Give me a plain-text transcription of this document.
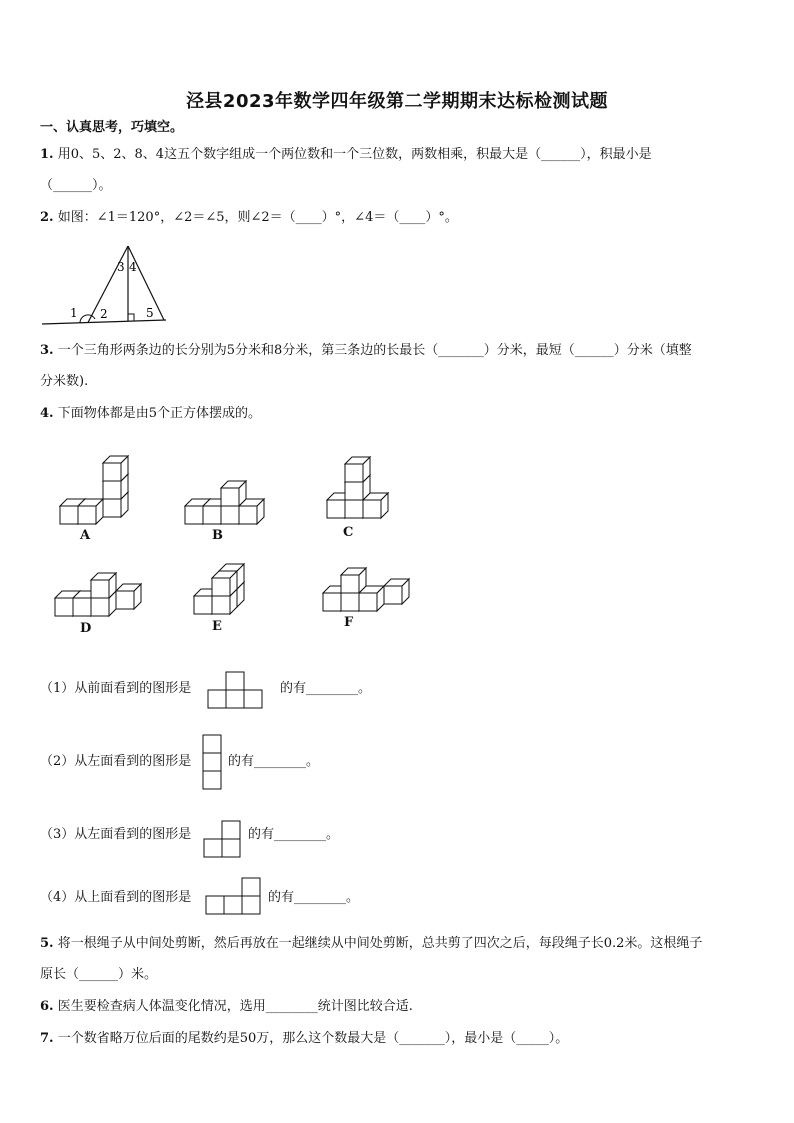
泾县2023年数学四年级第二学期期末达标检测试题
一、认真思考，巧填空。
1. 用0、5、2、8、4这五个数字组成一个两位数和一个三位数，两数相乘，积最大是（______），积最小是
（______）。
2. 如图：∠1＝120°，∠2＝∠5，则∠2＝（____）°，∠4＝（____）°。
1 2
3 4
5
3. 一个三角形两条边的长分别为5分米和8分米，第三条边的长最长（_______）分米，最短（______）分米（填整
分米数).
4. 下面物体都是由5个正方体摆成的。
A	B	C
D	E	F
（1）从前面看到的图形是	的有________。
（2）从左面看到的图形是	的有________。
（3）从左面看到的图形是	的有________。
（4）从上面看到的图形是	的有________。
5. 将一根绳子从中间处剪断，然后再放在一起继续从中间处剪断，总共剪了四次之后，每段绳子长0.2米。这根绳子
原长（______）米。
6. 医生要检查病人体温变化情况，选用________统计图比较合适.
7. 一个数省略万位后面的尾数约是50万，那么这个数最大是（_______），最小是（_____）。
